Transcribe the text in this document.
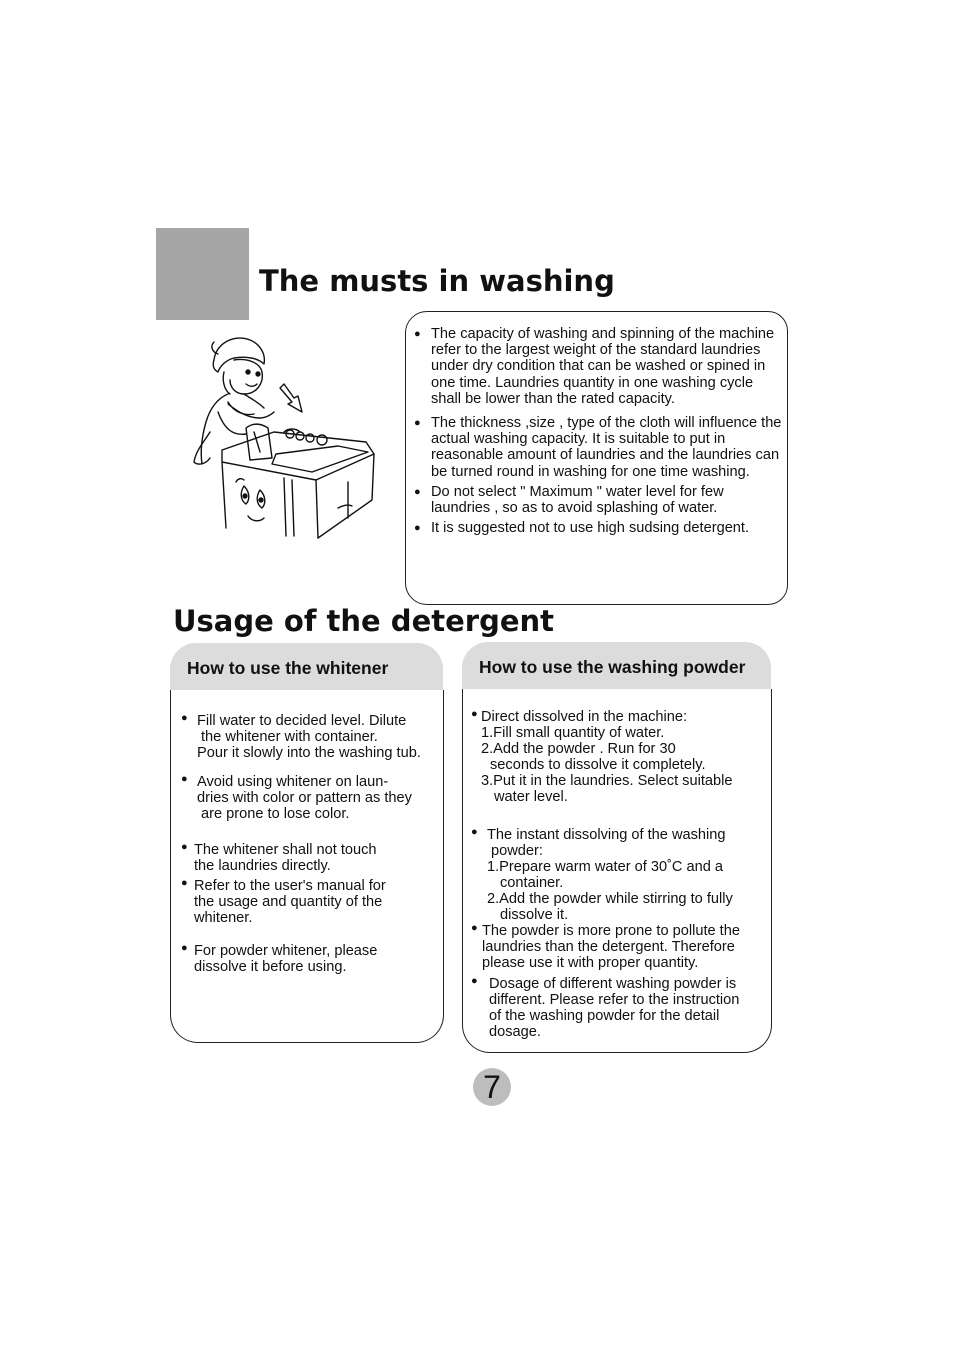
The musts in washing
● The capacity of washing and spinning of the machine refer to the largest weight of the standard laundries under dry condition that can be washed or spined in one time. Laundries quantity in one washing cycle shall be lower than the rated capacity.
● The thickness ,size , type of the cloth will influence the actual washing capacity. It is suitable to put in reasonable amount of laundries and the laundries can be turned round in washing for one time washing.
● Do not select " Maximum " water level for few laundries , so as to avoid splashing of water.
● It is suggested not to use high sudsing detergent.
Usage of the detergent
How to use the whitener
● Fill water to decided level. Dilute
the whitener with container.
Pour it slowly into the washing tub.
● Avoid using whitener on laun-
dries with color or pattern as they
are prone to lose color.
● The whitener shall not touch
the laundries directly.
● Refer to the user's manual for
the usage and quantity of the
whitener.
● For powder whitener, please
dissolve it before using.
How to use the washing powder
● Direct dissolved in the machine:
1.Fill small quantity of water.
2.Add the powder . Run for 30
seconds to dissolve it completely.
3.Put it in the laundries. Select suitable
water level.
● The instant dissolving of the washing
powder:
1.Prepare warm water of 30˚C and a
container.
2.Add the powder while stirring to fully
dissolve it.
● The powder is more prone to pollute the
laundries than the detergent. Therefore
please use it with proper quantity.
● Dosage of different washing powder is
different. Please refer to the instruction
of the washing powder for the detail
dosage.
7
